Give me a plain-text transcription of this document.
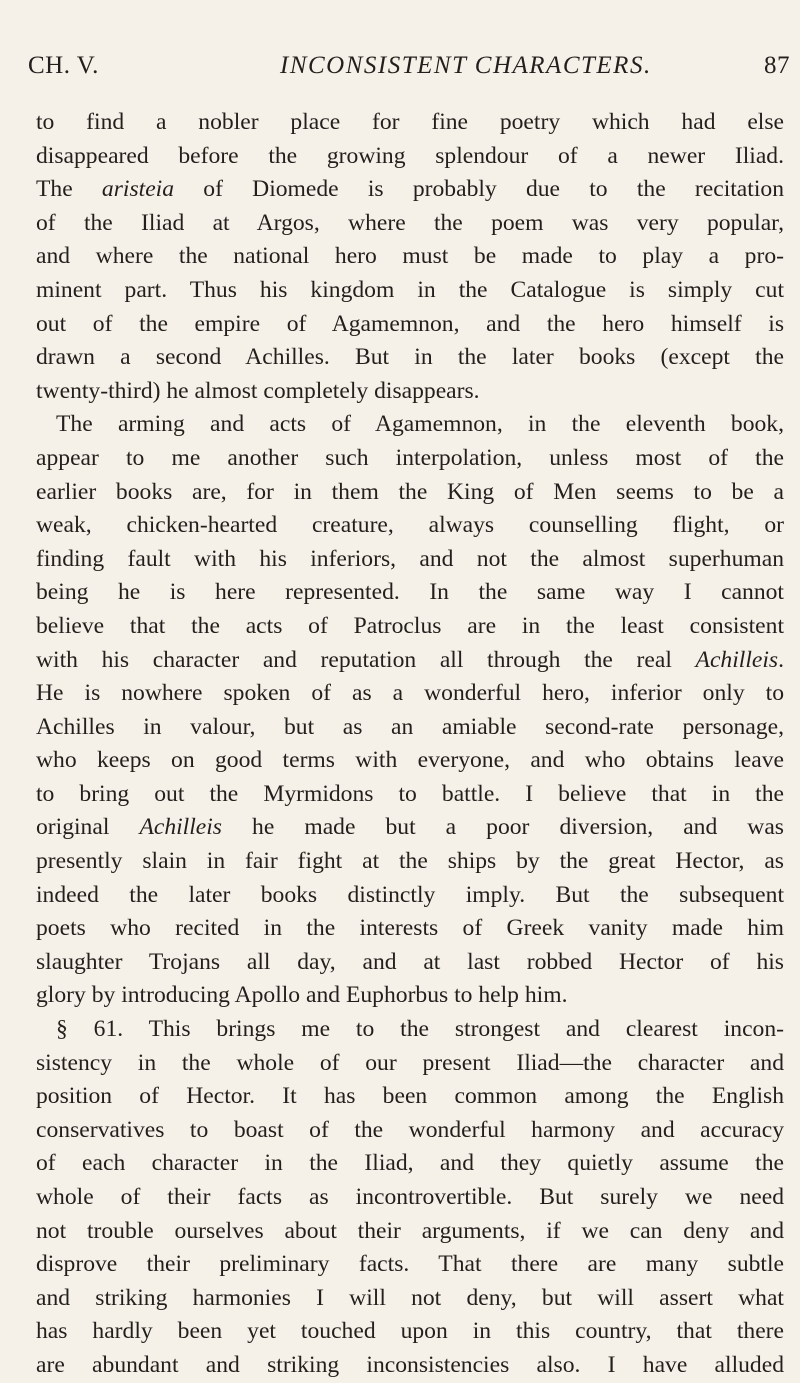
CH. V.	INCONSISTENT CHARACTERS.	87
to find a nobler place for fine poetry which had else
disappeared before the growing splendour of a newer Iliad.
The aristeia of Diomede is probably due to the recitation
of the Iliad at Argos, where the poem was very popular,
and where the national hero must be made to play a pro-
minent part. Thus his kingdom in the Catalogue is simply cut
out of the empire of Agamemnon, and the hero himself is
drawn a second Achilles. But in the later books (except the
twenty-third) he almost completely disappears.
The arming and acts of Agamemnon, in the eleventh book,
appear to me another such interpolation, unless most of the
earlier books are, for in them the King of Men seems to be a
weak, chicken-hearted creature, always counselling flight, or
finding fault with his inferiors, and not the almost superhuman
being he is here represented. In the same way I cannot
believe that the acts of Patroclus are in the least consistent
with his character and reputation all through the real Achilleis.
He is nowhere spoken of as a wonderful hero, inferior only to
Achilles in valour, but as an amiable second-rate personage,
who keeps on good terms with everyone, and who obtains leave
to bring out the Myrmidons to battle. I believe that in the
original Achilleis he made but a poor diversion, and was
presently slain in fair fight at the ships by the great Hector, as
indeed the later books distinctly imply. But the subsequent
poets who recited in the interests of Greek vanity made him
slaughter Trojans all day, and at last robbed Hector of his
glory by introducing Apollo and Euphorbus to help him.
§ 61. This brings me to the strongest and clearest incon-
sistency in the whole of our present Iliad—the character and
position of Hector. It has been common among the English
conservatives to boast of the wonderful harmony and accuracy
of each character in the Iliad, and they quietly assume the
whole of their facts as incontrovertible. But surely we need
not trouble ourselves about their arguments, if we can deny and
disprove their preliminary facts. That there are many subtle
and striking harmonies I will not deny, but will assert what
has hardly been yet touched upon in this country, that there
are abundant and striking inconsistencies also. I have alluded
